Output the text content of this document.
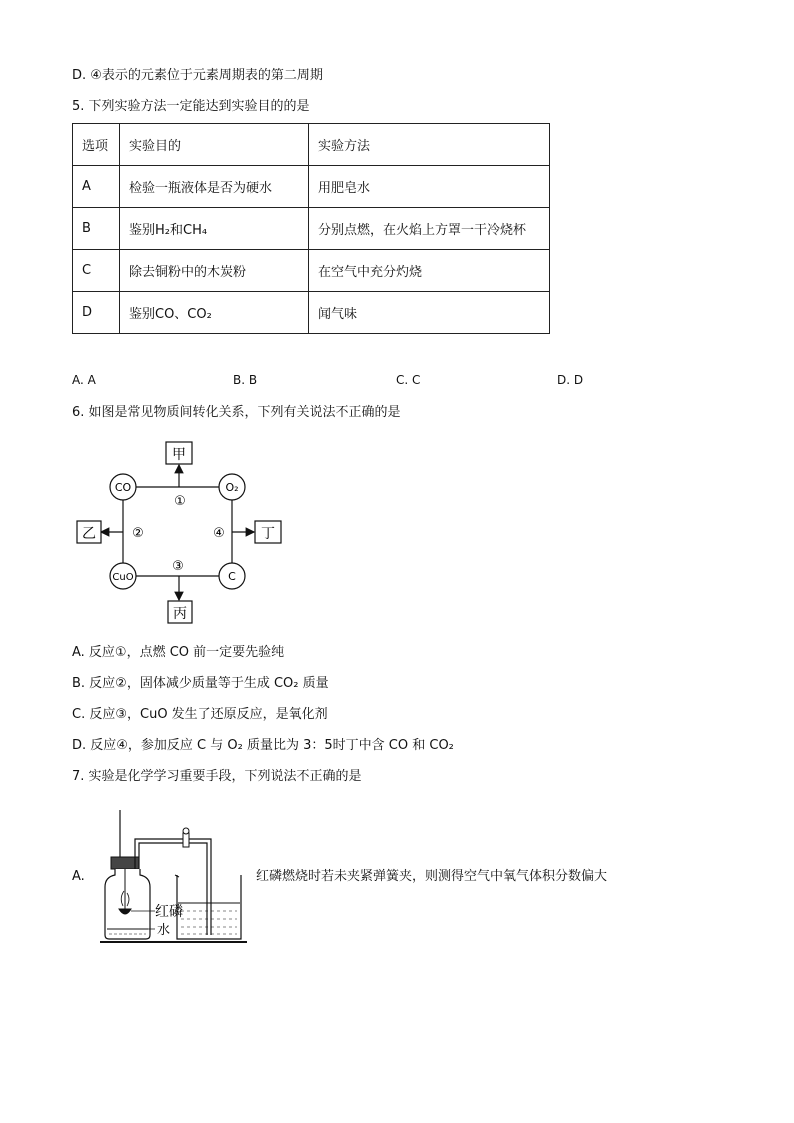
D. ④表示的元素位于元素周期表的第二周期
5. 下列实验方法一定能达到实验目的的是
选项	实验目的	实验方法
A	检验一瓶液体是否为硬水	用肥皂水
B	鉴别H₂和CH₄	分别点燃，在火焰上方罩一干冷烧杯
C	除去铜粉中的木炭粉	在空气中充分灼烧
D	鉴别CO、CO₂	闻气味
A. A	B. B	C. C	D. D
6. 如图是常见物质间转化关系，下列有关说法不正确的是
甲
乙
丙
丁
CO	O₂
CuO	C
①
②
③
④
A. 反应①，点燃 CO 前一定要先验纯
B. 反应②，固体减少质量等于生成 CO₂ 质量
C. 反应③，CuO 发生了还原反应，是氧化剂
D. 反应④，参加反应 C 与 O₂ 质量比为 3：5时丁中含 CO 和 CO₂
7. 实验是化学学习重要手段，下列说法不正确的是
A.
红磷
水
红磷燃烧时若未夹紧弹簧夹，则测得空气中氧气体积分数偏大
